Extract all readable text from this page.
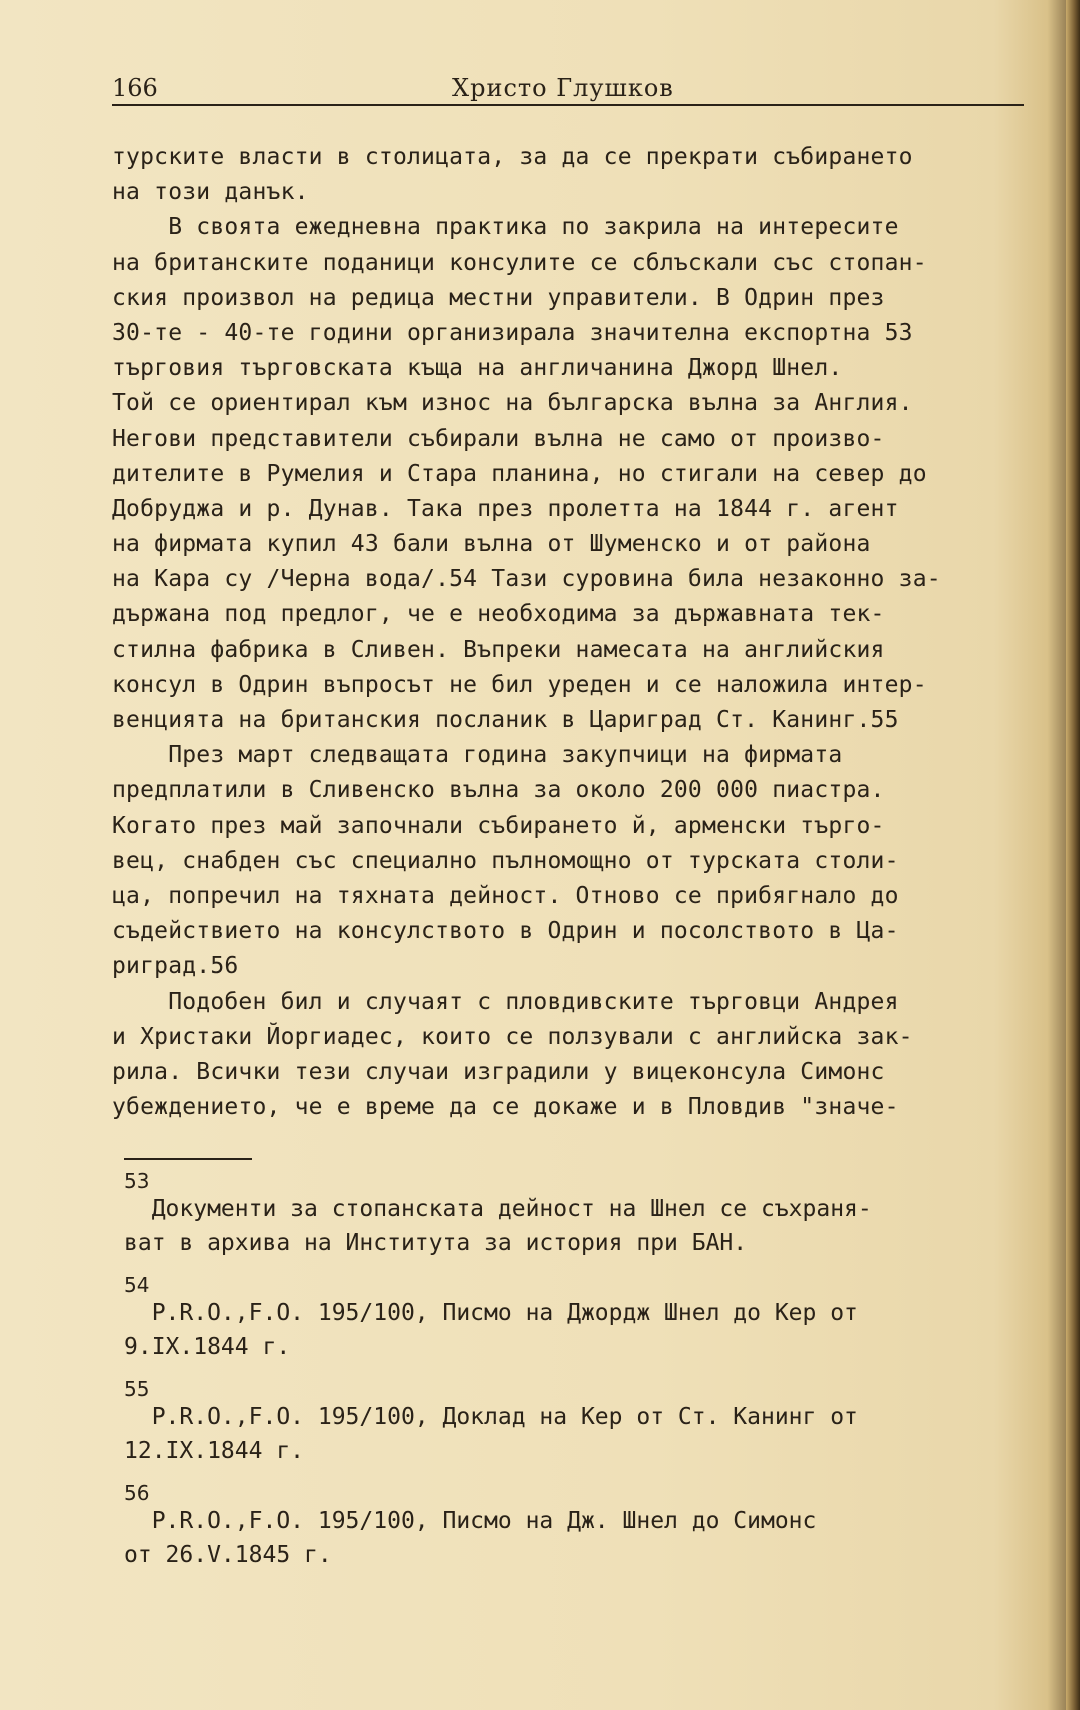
166	Христо Глушков
турските власти в столицата, за да се прекрати събирането
на този данък.
В своята ежедневна практика по закрила на интересите
на британските поданици консулите се сблъскали със стопан-
ския произвол на редица местни управители. В Одрин през
30-те - 40-те години организирала значителна експортна 53
търговия търговската къща на англичанина Джорд Шнел.
Той се ориентирал към износ на българска вълна за Англия.
Негови представители събирали вълна не само от произво-
дителите в Румелия и Стара планина, но стигали на север до
Добруджа и р. Дунав. Така през пролетта на 1844 г. агент
на фирмата купил 43 бали вълна от Шуменско и от района
на Кара су /Черна вода/.54 Тази суровина била незаконно за-
държана под предлог, че е необходима за държавната тек-
стилна фабрика в Сливен. Въпреки намесата на английския
консул в Одрин въпросът не бил уреден и се наложила интер-
венцията на британския посланик в Цариград Ст. Канинг.55
През март следващата година закупчици на фирмата
предплатили в Сливенско вълна за около 200 000 пиастра.
Когато през май започнали събирането й, арменски търго-
вец, снабден със специално пълномощно от турската столи-
ца, попречил на тяхната дейност. Отново се прибягнало до
съдействието на консулството в Одрин и посолството в Ца-
риград.56
Подобен бил и случаят с пловдивските търговци Андрея
и Христаки Йоргиадес, които се ползували с английска зак-
рила. Всички тези случаи изградили у вицеконсула Симонс
убеждението, че е време да се докаже и в Пловдив "значе-
53
Документи за стопанската дейност на Шнел се съхраня-
ват в архива на Института за история при БАН.
54
P.R.O.,F.O. 195/100, Писмо на Джордж Шнел до Кер от
9.IX.1844 г.
55
P.R.O.,F.O. 195/100, Доклад на Кер от Ст. Канинг от
12.IX.1844 г.
56
P.R.O.,F.O. 195/100, Писмо на Дж. Шнел до Симонс
от 26.V.1845 г.
